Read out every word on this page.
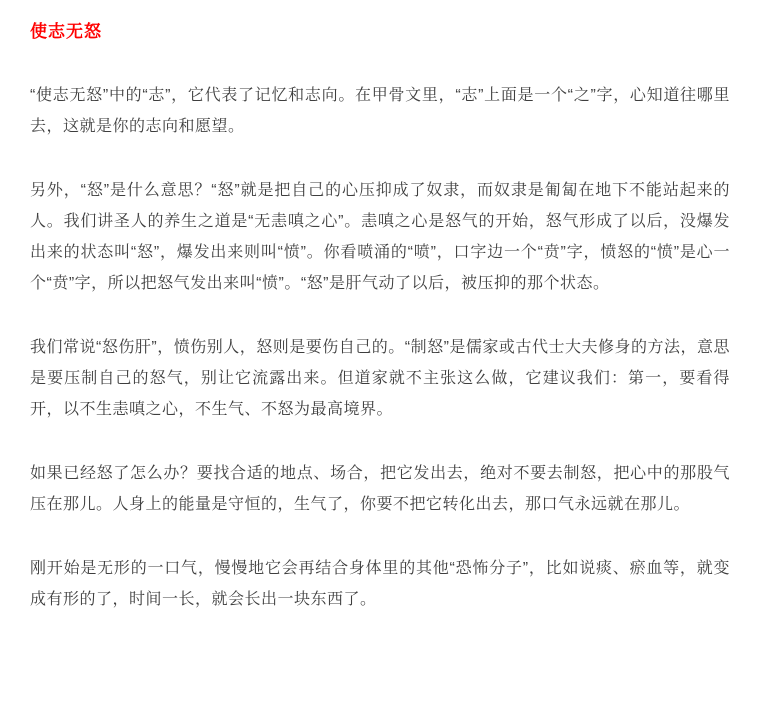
使志无怒

“使志无怒”中的“志”，它代表了记忆和志向。在甲骨文里，“志”上面是一个“之”字，心知道往哪里去，这就是你的志向和愿望。

另外，“怒”是什么意思？“怒”就是把自己的心压抑成了奴隶，而奴隶是匍匐在地下不能站起来的人。我们讲圣人的养生之道是“无恚嗔之心”。恚嗔之心是怒气的开始，怒气形成了以后，没爆发出来的状态叫“怒”，爆发出来则叫“愤”。你看喷涌的“喷”，口字边一个“贲”字，愤怒的“愤”是心一个“贲”字，所以把怒气发出来叫“愤”。“怒”是肝气动了以后，被压抑的那个状态。

我们常说“怒伤肝”，愤伤别人，怒则是要伤自己的。“制怒”是儒家或古代士大夫修身的方法，意思是要压制自己的怒气，别让它流露出来。但道家就不主张这么做，它建议我们：第一，要看得开，以不生恚嗔之心，不生气、不怒为最高境界。

如果已经怒了怎么办？要找合适的地点、场合，把它发出去，绝对不要去制怒，把心中的那股气压在那儿。人身上的能量是守恒的，生气了，你要不把它转化出去，那口气永远就在那儿。

刚开始是无形的一口气，慢慢地它会再结合身体里的其他“恐怖分子”，比如说痰、瘀血等，就变成有形的了，时间一长，就会长出一块东西了。
